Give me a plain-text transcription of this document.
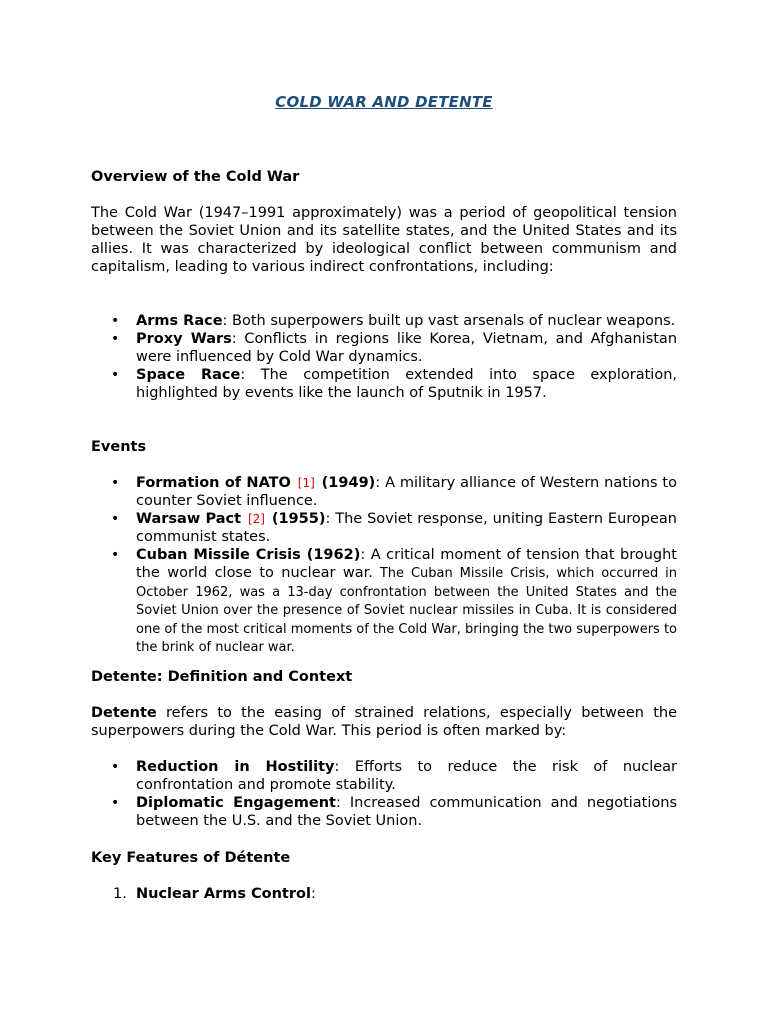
COLD WAR AND DETENTE
Overview of the Cold War

The Cold War (1947–1991 approximately) was a period of geopolitical tension between the Soviet Union and its satellite states, and the United States and its allies. It was characterized by ideological conflict between communism and capitalism, leading to various indirect confrontations, including:

• Arms Race: Both superpowers built up vast arsenals of nuclear weapons.
• Proxy Wars: Conflicts in regions like Korea, Vietnam, and Afghanistan were influenced by Cold War dynamics.
• Space Race: The competition extended into space exploration, highlighted by events like the launch of Sputnik in 1957.
Events
• Formation of NATO [1] (1949): A military alliance of Western nations to counter Soviet influence.
• Warsaw Pact [2] (1955): The Soviet response, uniting Eastern European communist states.
• Cuban Missile Crisis (1962): A critical moment of tension that brought the world close to nuclear war. The Cuban Missile Crisis, which occurred in October 1962, was a 13-day confrontation between the United States and the Soviet Union over the presence of Soviet nuclear missiles in Cuba. It is considered one of the most critical moments of the Cold War, bringing the two superpowers to the brink of nuclear war.
Detente: Definition and Context

Detente refers to the easing of strained relations, especially between the superpowers during the Cold War. This period is often marked by:

• Reduction in Hostility: Efforts to reduce the risk of nuclear confrontation and promote stability.
• Diplomatic Engagement: Increased communication and negotiations between the U.S. and the Soviet Union.
Key Features of Détente
1. Nuclear Arms Control:
